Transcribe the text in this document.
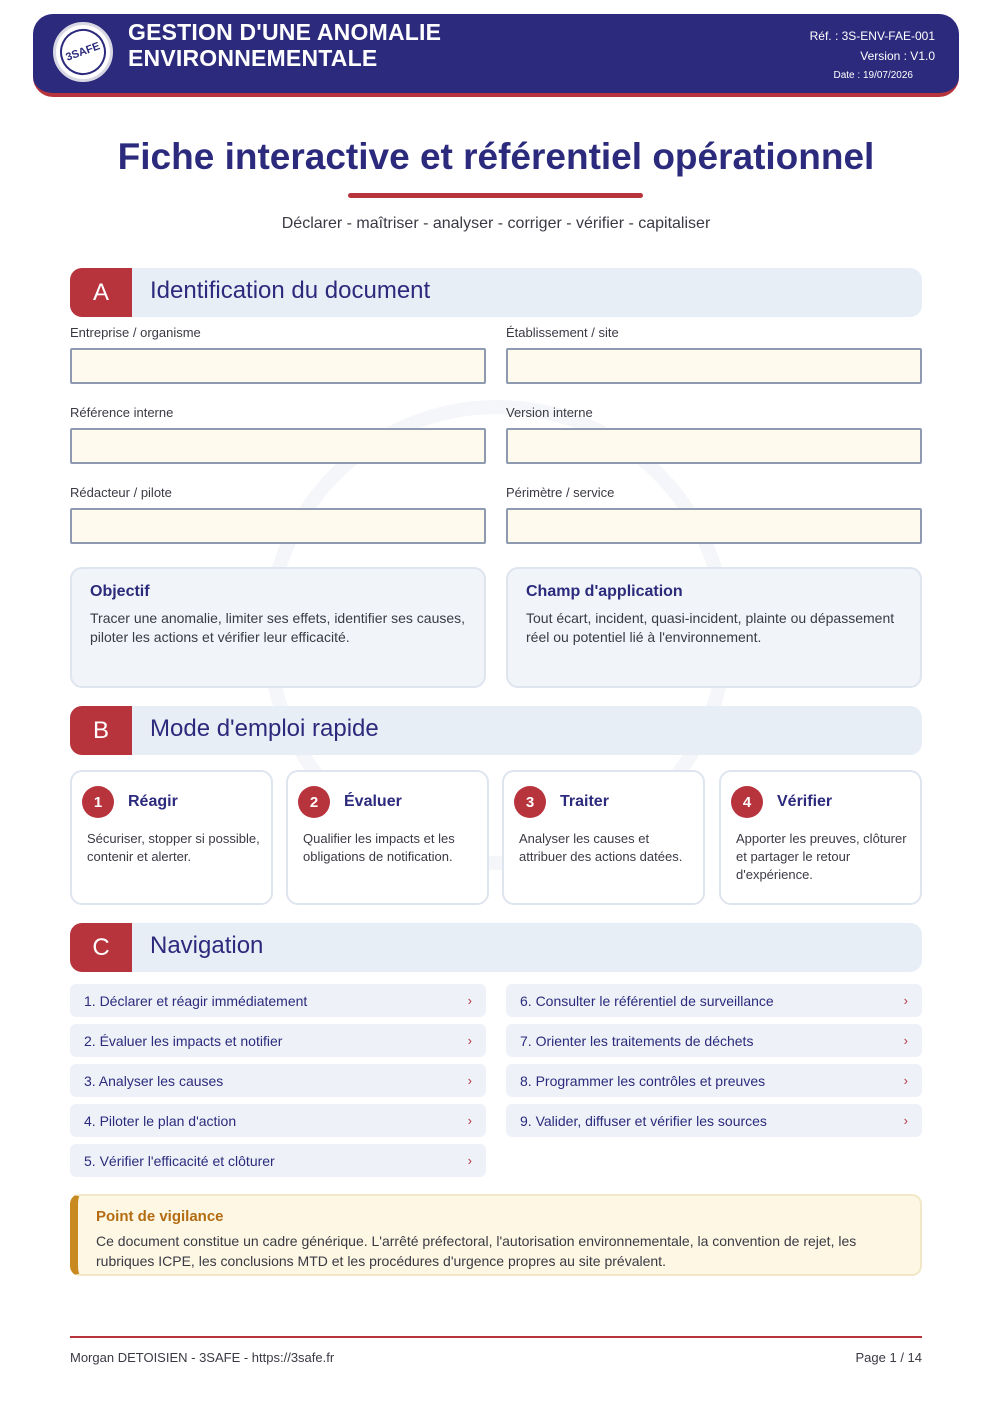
3SAFE
GESTION D'UNE ANOMALIE
ENVIRONNEMENTALE
Réf. : 3S-ENV-FAE-001
Version : V1.0
Date : 19/07/2026
Fiche interactive et référentiel opérationnel
Déclarer - maîtriser - analyser - corriger - vérifier - capitaliser
A	Identification du document
Entreprise / organisme	Établissement / site
Référence interne	Version interne
Rédacteur / pilote	Périmètre / service
Objectif
Tracer une anomalie, limiter ses effets, identifier ses causes, piloter les actions et vérifier leur efficacité.
Champ d'application
Tout écart, incident, quasi-incident, plainte ou dépassement réel ou potentiel lié à l'environnement.
B	Mode d'emploi rapide
1	Réagir
Sécuriser, stopper si possible, contenir et alerter.
2	Évaluer
Qualifier les impacts et les obligations de notification.
3	Traiter
Analyser les causes et attribuer des actions datées.
4	Vérifier
Apporter les preuves, clôturer et partager le retour d'expérience.
C	Navigation
1. Déclarer et réagir immédiatement	›
2. Évaluer les impacts et notifier	›
3. Analyser les causes	›
4. Piloter le plan d'action	›
5. Vérifier l'efficacité et clôturer	›
6. Consulter le référentiel de surveillance	›
7. Orienter les traitements de déchets	›
8. Programmer les contrôles et preuves	›
9. Valider, diffuser et vérifier les sources	›
Point de vigilance
Ce document constitue un cadre générique. L'arrêté préfectoral, l'autorisation environnementale, la convention de rejet, les rubriques ICPE, les conclusions MTD et les procédures d'urgence propres au site prévalent.
Morgan DETOISIEN - 3SAFE - https://3safe.fr	Page 1 / 14
